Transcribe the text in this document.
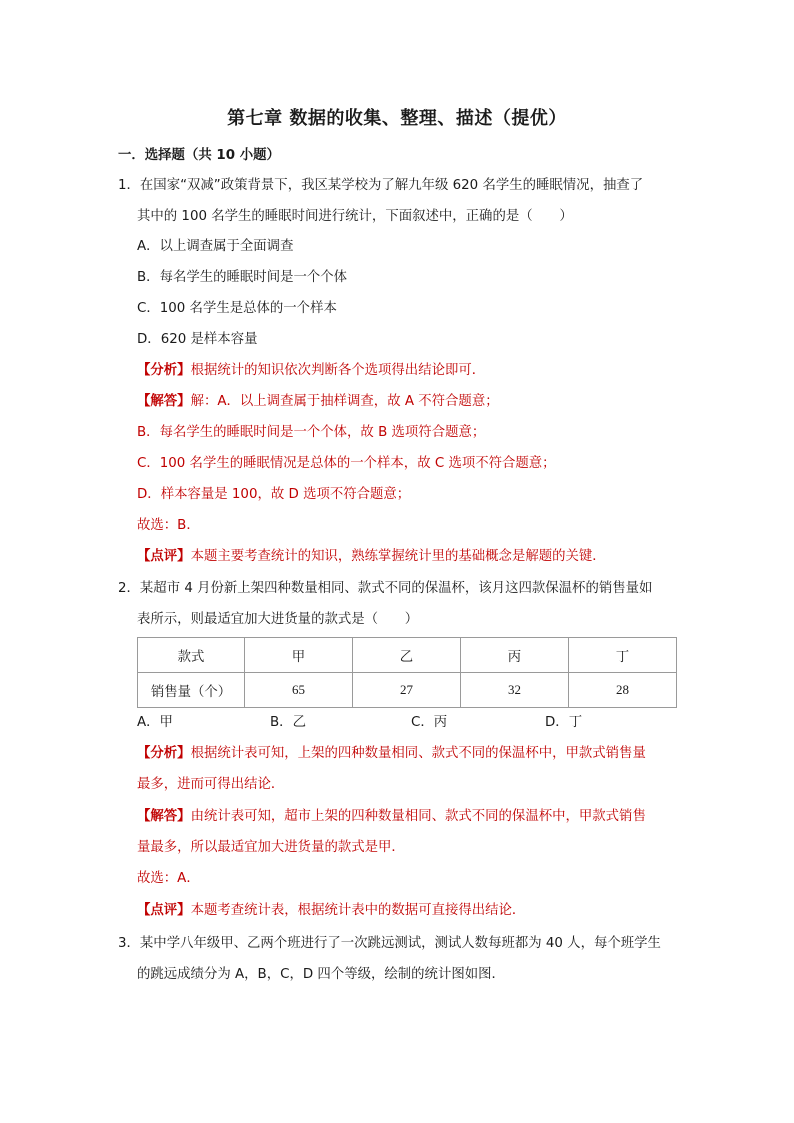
第七章 数据的收集、整理、描述（提优）
一．选择题（共 10 小题）
1．在国家“双减”政策背景下，我区某学校为了解九年级 620 名学生的睡眠情况，抽查了
其中的 100 名学生的睡眠时间进行统计，下面叙述中，正确的是（　　）
A．以上调查属于全面调查
B．每名学生的睡眠时间是一个个体
C．100 名学生是总体的一个样本
D．620 是样本容量
【分析】根据统计的知识依次判断各个选项得出结论即可．
【解答】解：A．以上调查属于抽样调查，故 A 不符合题意；
B．每名学生的睡眠时间是一个个体，故 B 选项符合题意；
C．100 名学生的睡眠情况是总体的一个样本，故 C 选项不符合题意；
D．样本容量是 100，故 D 选项不符合题意；
故选：B．
【点评】本题主要考查统计的知识，熟练掌握统计里的基础概念是解题的关键．
2．某超市 4 月份新上架四种数量相同、款式不同的保温杯，该月这四款保温杯的销售量如
表所示，则最适宜加大进货量的款式是（　　）
款式	甲	乙	丙	丁
销售量（个）	65	27	32	28
A．甲	B．乙	C．丙	D．丁
【分析】根据统计表可知，上架的四种数量相同、款式不同的保温杯中，甲款式销售量
最多，进而可得出结论．
【解答】由统计表可知，超市上架的四种数量相同、款式不同的保温杯中，甲款式销售
量最多，所以最适宜加大进货量的款式是甲．
故选：A．
【点评】本题考查统计表，根据统计表中的数据可直接得出结论．
3．某中学八年级甲、乙两个班进行了一次跳远测试，测试人数每班都为 40 人，每个班学生
的跳远成绩分为 A，B，C，D 四个等级，绘制的统计图如图．
